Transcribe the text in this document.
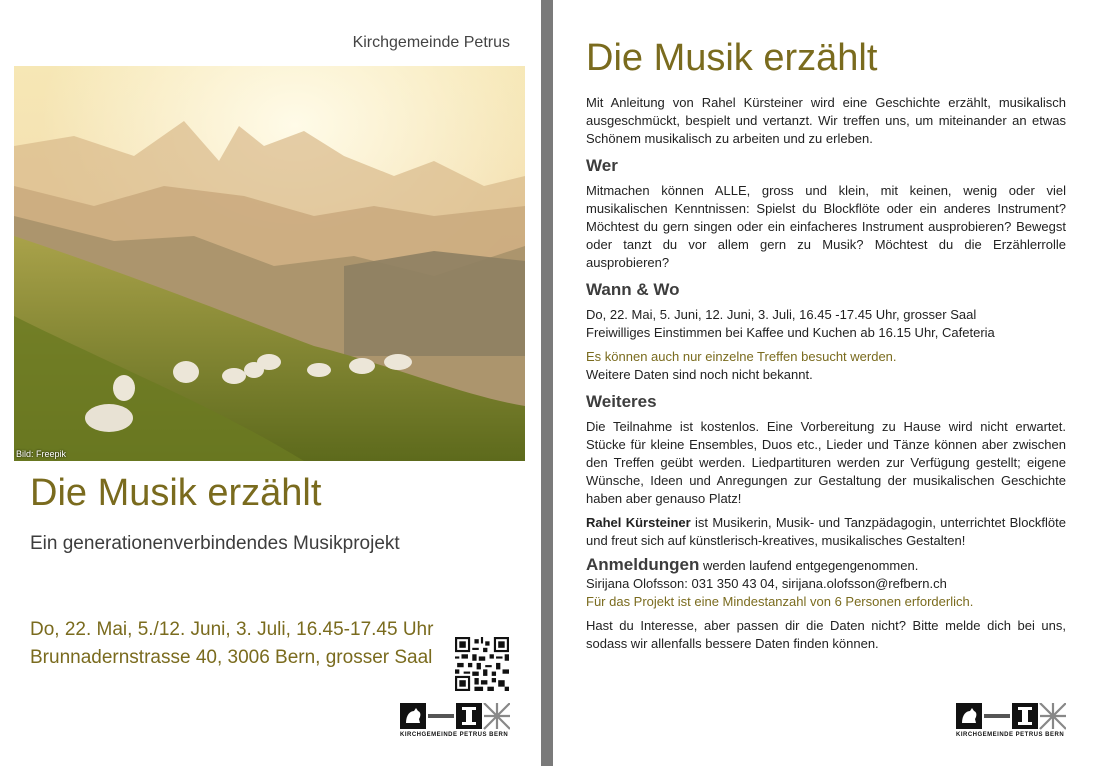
Kirchgemeinde Petrus
Bild: Freepik
Die Musik erzählt
Ein generationenverbindendes Musikprojekt
Do, 22. Mai, 5./12. Juni, 3. Juli, 16.45-17.45 Uhr
Brunnadernstrasse 40, 3006 Bern, grosser Saal
KIRCHGEMEINDE PETRUS BERN
Die Musik erzählt

Mit Anleitung von Rahel Kürsteiner wird eine Geschichte erzählt, musikalisch ausgeschmückt, bespielt und vertanzt. Wir treffen uns, um miteinander an etwas Schönem musikalisch zu arbeiten und zu erleben.

Wer

Mitmachen können ALLE, gross und klein, mit keinen, wenig oder viel musikalischen Kenntnissen: Spielst du Blockflöte oder ein anderes Instrument? Möchtest du gern singen oder ein einfacheres Instrument ausprobieren? Bewegst oder tanzt du vor allem gern zu Musik? Möchtest du die Erzählerrolle ausprobieren?

Wann & Wo

Do, 22. Mai, 5. Juni, 12. Juni, 3. Juli, 16.45 -17.45 Uhr, grosser Saal

Freiwilliges Einstimmen bei Kaffee und Kuchen ab 16.15 Uhr, Cafeteria

Es können auch nur einzelne Treffen besucht werden.

Weitere Daten sind noch nicht bekannt.

Weiteres

Die Teilnahme ist kostenlos. Eine Vorbereitung zu Hause wird nicht erwartet. Stücke für kleine Ensembles, Duos etc., Lieder und Tänze können aber zwischen den Treffen geübt werden. Liedpartituren werden zur Verfügung gestellt; eigene Wünsche, Ideen und Anregungen zur Gestaltung der musikalischen Geschichte haben aber genauso Platz!

Rahel Kürsteiner ist Musikerin, Musik- und Tanzpädagogin, unterrichtet Blockflöte und freut sich auf künstlerisch-kreatives, musikalisches Gestalten!

Anmeldungen werden laufend entgegengenommen.

Sirijana Olofsson: 031 350 43 04, sirijana.olofsson@refbern.ch

Für das Projekt ist eine Mindestanzahl von 6 Personen erforderlich.

Hast du Interesse, aber passen dir die Daten nicht? Bitte melde dich bei uns, sodass wir allenfalls bessere Daten finden können.

KIRCHGEMEINDE PETRUS BERN
